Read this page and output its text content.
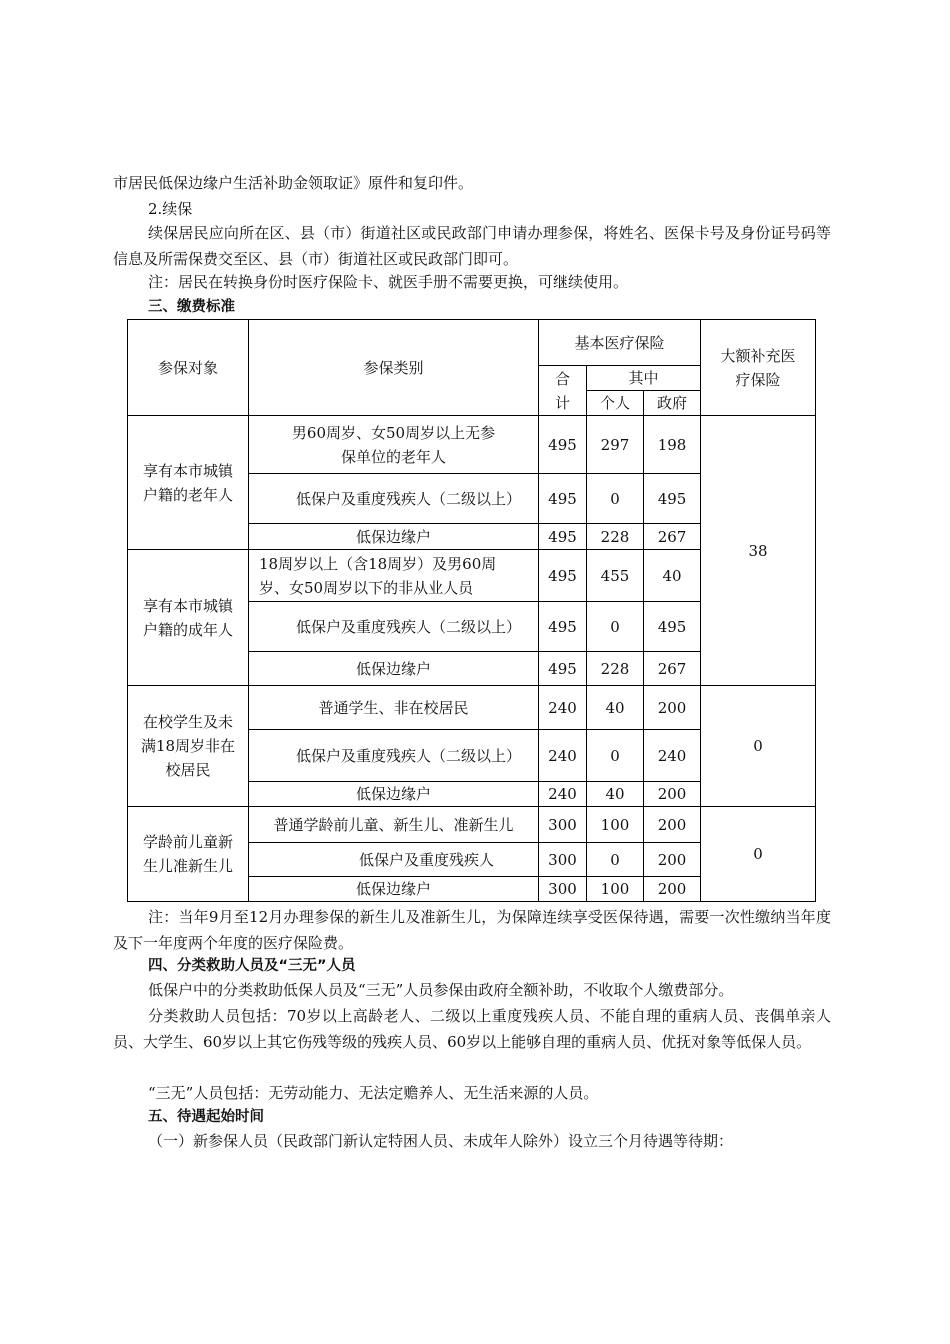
市居民低保边缘户生活补助金领取证》原件和复印件。
2.续保
续保居民应向所在区、县（市）街道社区或民政部门申请办理参保，将姓名、医保卡号及身份证号码等信息及所需保费交至区、县（市）街道社区或民政部门即可。
注：居民在转换身份时医疗保险卡、就医手册不需要更换，可继续使用。
三、缴费标准
参保对象	参保类别	基本医疗保险			大额补充医疗保险
		合计	其中		
			个人	政府	
享有本市城镇户籍的老年人	男60周岁、女50周岁以上无参保单位的老年人	495	297	198	38
	低保户及重度残疾人（二级以上）	495	0	495	
	低保边缘户	495	228	267	
享有本市城镇户籍的成年人	18周岁以上（含18周岁）及男60周岁、女50周岁以下的非从业人员	495	455	40	
	低保户及重度残疾人（二级以上）	495	0	495	
	低保边缘户	495	228	267	
在校学生及未满18周岁非在校居民	普通学生、非在校居民	240	40	200	0
	低保户及重度残疾人（二级以上）	240	0	240	
	低保边缘户	240	40	200	
学龄前儿童新生儿准新生儿	普通学龄前儿童、新生儿、准新生儿	300	100	200	0
	低保户及重度残疾人	300	0	200	
	低保边缘户	300	100	200	
注：当年9月至12月办理参保的新生儿及准新生儿，为保障连续享受医保待遇，需要一次性缴纳当年度及下一年度两个年度的医疗保险费。
四、分类救助人员及“三无”人员
低保户中的分类救助低保人员及“三无”人员参保由政府全额补助，不收取个人缴费部分。
分类救助人员包括：70岁以上高龄老人、二级以上重度残疾人员、不能自理的重病人员、丧偶单亲人员、大学生、60岁以上其它伤残等级的残疾人员、60岁以上能够自理的重病人员、优抚对象等低保人员。
“三无”人员包括：无劳动能力、无法定赡养人、无生活来源的人员。
五、待遇起始时间
（一）新参保人员（民政部门新认定特困人员、未成年人除外）设立三个月待遇等待期：
